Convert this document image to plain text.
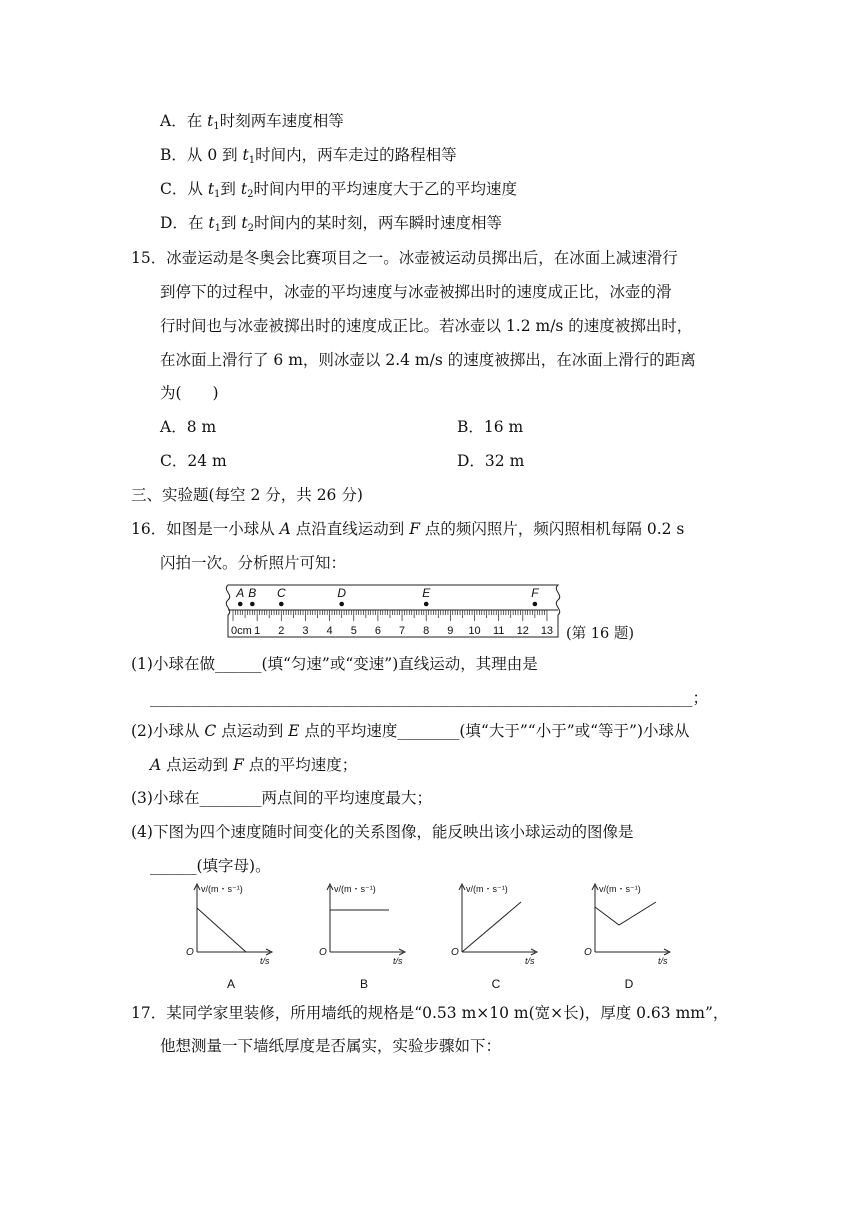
A．在 $t_1$时刻两车速度相等
B．从 0 到 $t_1$时间内，两车走过的路程相等
C．从 $t_1$到 $t_2$时间内甲的平均速度大于乙的平均速度
D．在 $t_1$到 $t_2$时间内的某时刻，两车瞬时速度相等
15．冰壶运动是冬奥会比赛项目之一。冰壶被运动员掷出后，在冰面上减速滑行
到停下的过程中，冰壶的平均速度与冰壶被掷出时的速度成正比，冰壶的滑
行时间也与冰壶被掷出时的速度成正比。若冰壶以 1.2 m/s 的速度被掷出时，
在冰面上滑行了 6 m，则冰壶以 2.4 m/s 的速度被掷出，在冰面上滑行的距离
为(　　)
A．8 m	B．16 m
C．24 m	D．32 m
三、实验题(每空 2 分，共 26 分)
16．如图是一小球从 A 点沿直线运动到 F 点的频闪照片，频闪照相机每隔 0.2 s
闪拍一次。分析照片可知：
0cm 1 2 3 4 5 6 7 8 9 10 11 12 13
A B C	D	E	F
(第 16 题)
(1)小球在做______(填“匀速”或“变速”)直线运动，其理由是
______________________________________________________________________；
(2)小球从 C 点运动到 E 点的平均速度________(填“大于”“小于”或“等于”)小球从
A 点运动到 F 点的平均速度；
(3)小球在________两点间的平均速度最大；
(4)下图为四个速度随时间变化的关系图像，能反映出该小球运动的图像是
______(填字母)。
v/(m・s⁻¹)
t/s
O
A
v/(m・s⁻¹)
t/s
O
B
v/(m・s⁻¹)
t/s
O
C
v/(m・s⁻¹)
t/s
O
D
17．某同学家里装修，所用墙纸的规格是“0.53 m×10 m(宽×长)，厚度 0.63 mm”，
他想测量一下墙纸厚度是否属实，实验步骤如下：
